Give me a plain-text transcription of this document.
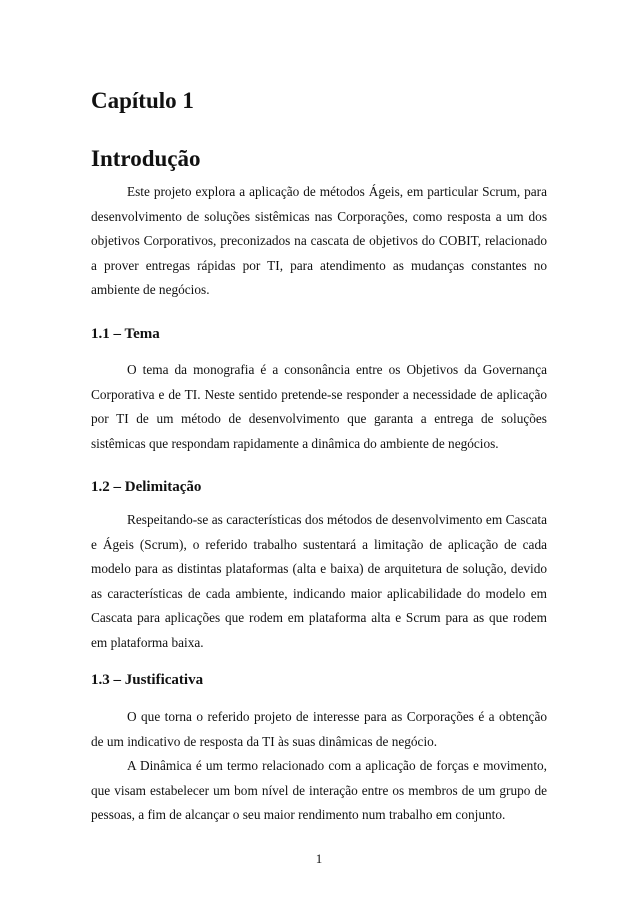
Capítulo 1
Introdução

Este projeto explora a aplicação de métodos Ágeis, em particular Scrum, para desenvolvimento de soluções sistêmicas nas Corporações, como resposta a um dos objetivos Corporativos, preconizados na cascata de objetivos do COBIT, relacionado a prover entregas rápidas por TI, para atendimento as mudanças constantes no ambiente de negócios.

1.1 – Tema

O tema da monografia é a consonância entre os Objetivos da Governança Corporativa e de TI. Neste sentido pretende-se responder a necessidade de aplicação por TI de um método de desenvolvimento que garanta a entrega de soluções sistêmicas que respondam rapidamente a dinâmica do ambiente de negócios.

1.2 – Delimitação

Respeitando-se as características dos métodos de desenvolvimento em Cascata e Ágeis (Scrum), o referido trabalho sustentará a limitação de aplicação de cada modelo para as distintas plataformas (alta e baixa) de arquitetura de solução, devido as características de cada ambiente, indicando maior aplicabilidade do modelo em Cascata para aplicações que rodem em plataforma alta e Scrum para as que rodem em plataforma baixa.

1.3 – Justificativa

O que torna o referido projeto de interesse para as Corporações é a obtenção de um indicativo de resposta da TI às suas dinâmicas de negócio.

A Dinâmica é um termo relacionado com a aplicação de forças e movimento, que visam estabelecer um bom nível de interação entre os membros de um grupo de pessoas, a fim de alcançar o seu maior rendimento num trabalho em conjunto.

1
